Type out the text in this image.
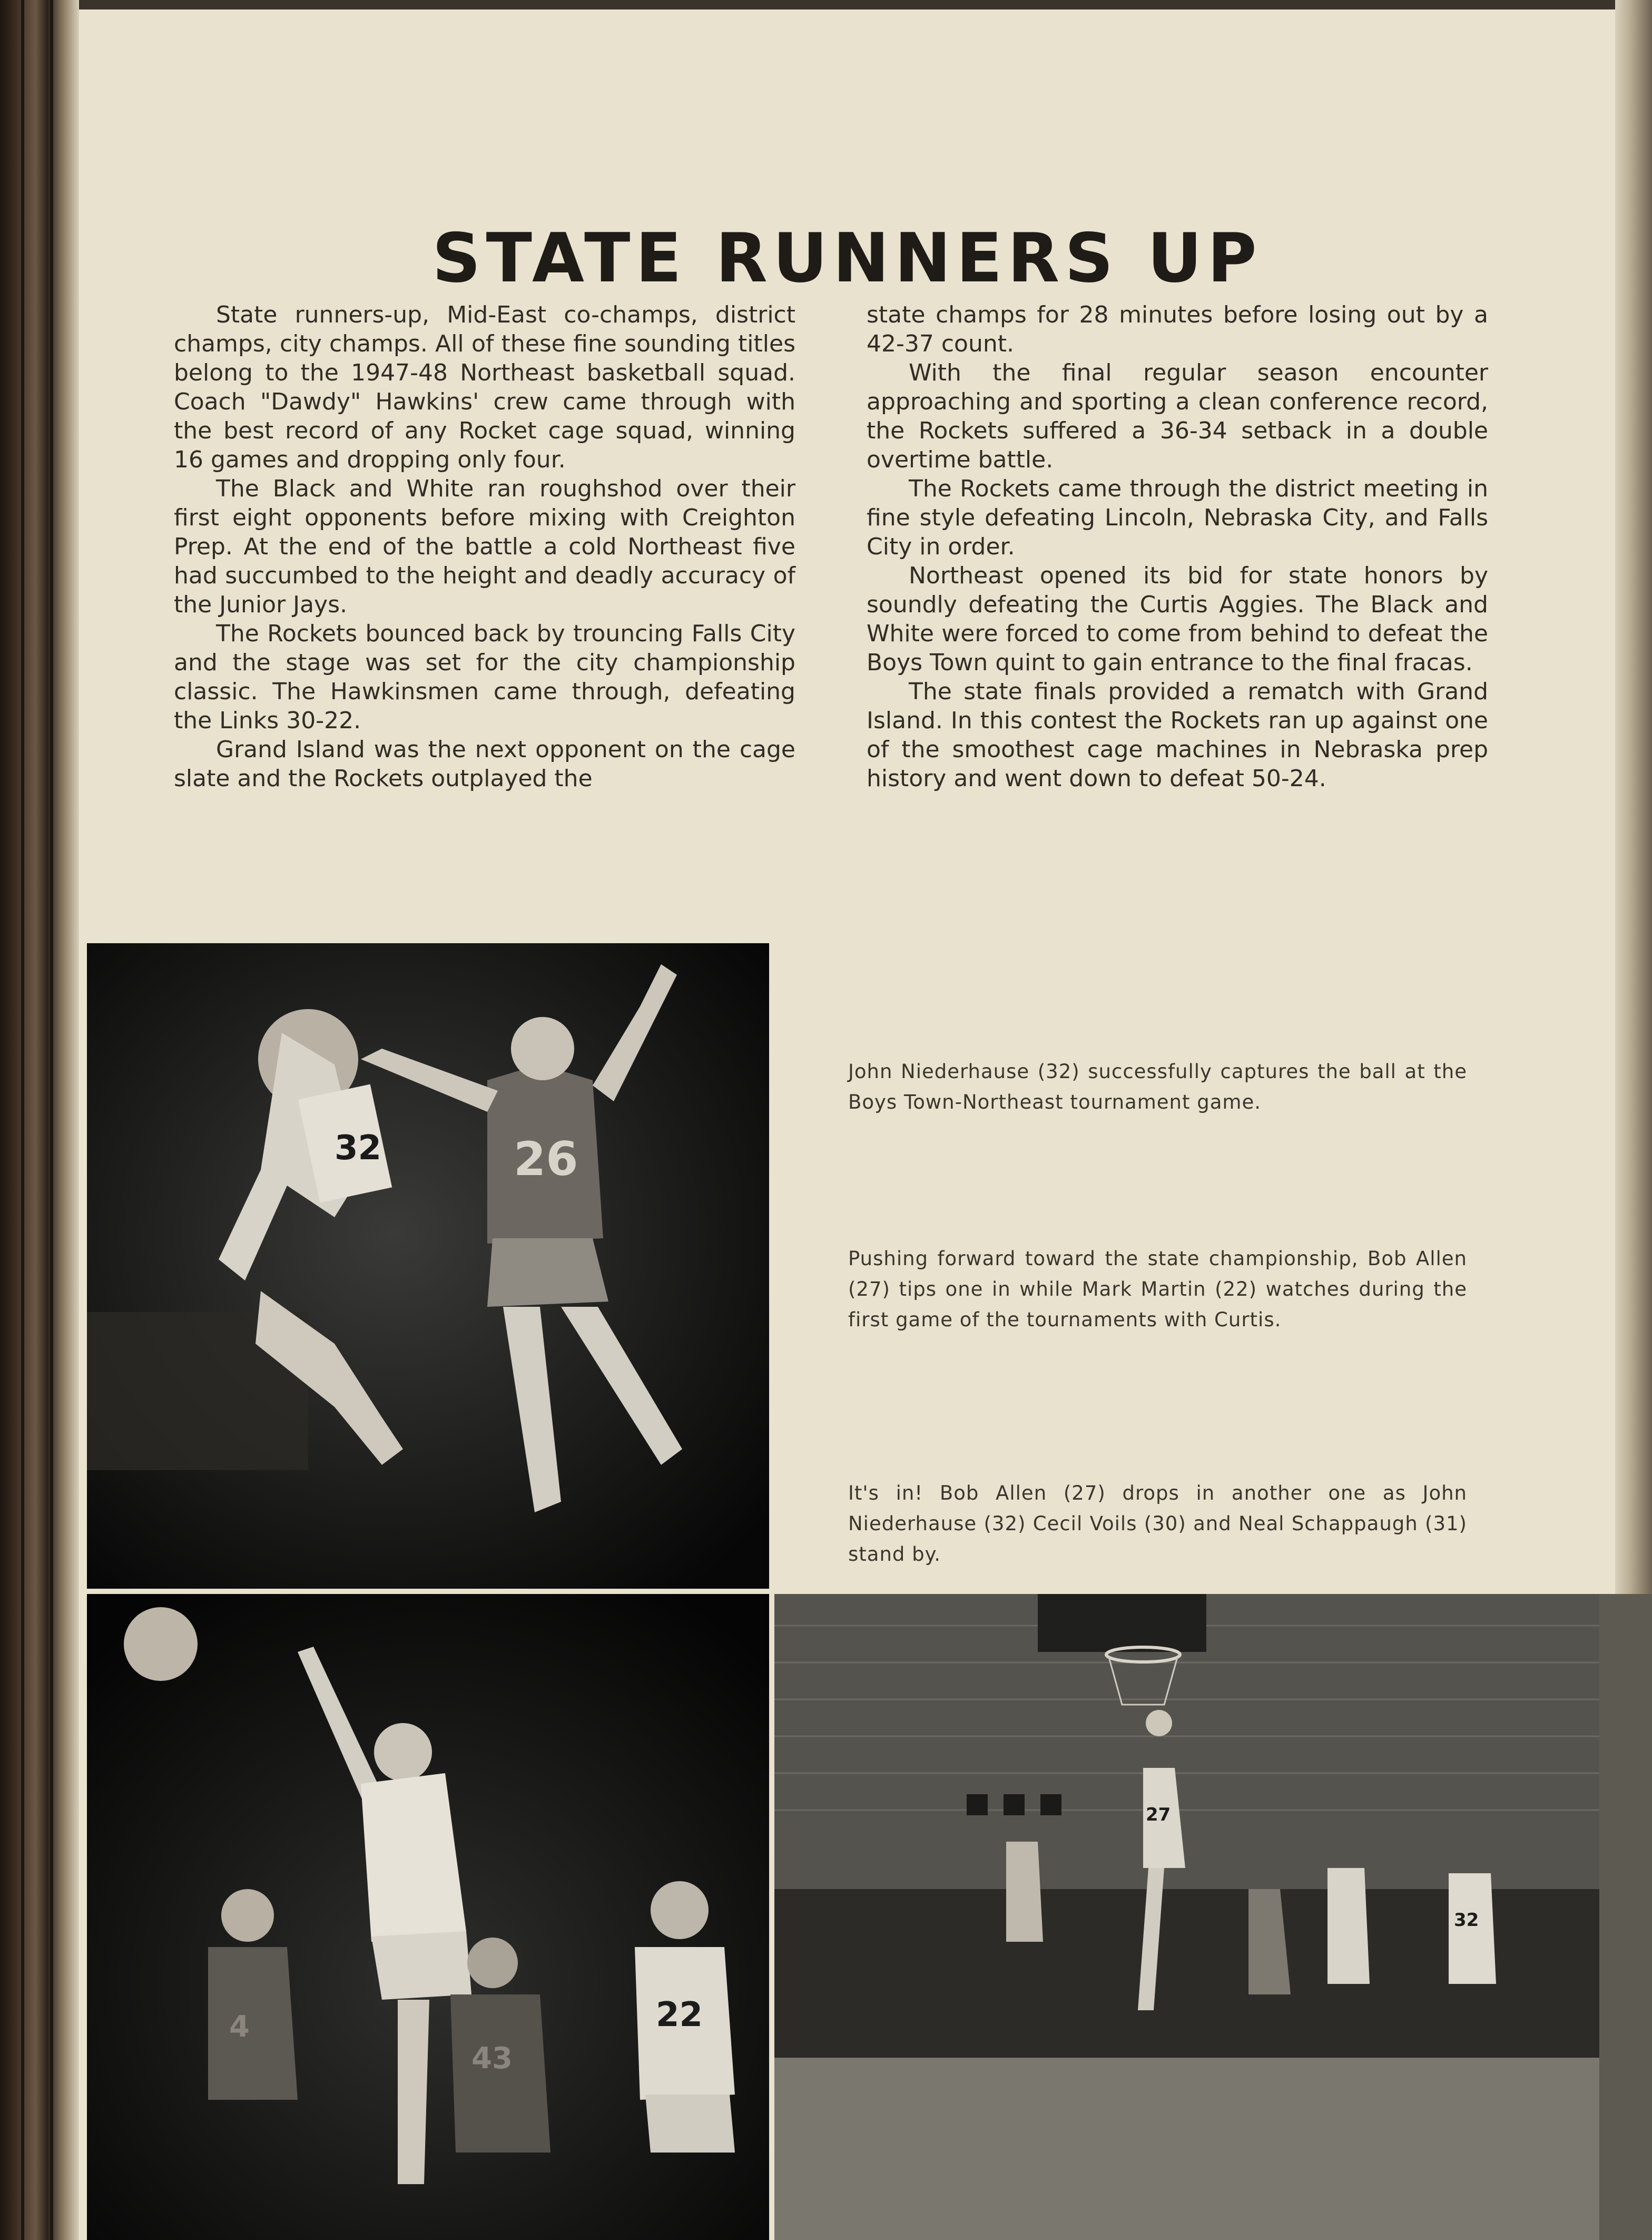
STATE RUNNERS UP

State runners-up, Mid-East co-champs, district champs, city champs. All of these fine sounding titles belong to the 1947-48 Northeast basketball squad. Coach "Dawdy" Hawkins' crew came through with the best record of any Rocket cage squad, winning 16 games and dropping only four.

The Black and White ran roughshod over their first eight opponents before mixing with Creighton Prep. At the end of the battle a cold Northeast five had succumbed to the height and deadly accuracy of the Junior Jays.

The Rockets bounced back by trouncing Falls City and the stage was set for the city championship classic. The Hawkinsmen came through, defeating the Links 30-22.

Grand Island was the next opponent on the cage slate and the Rockets outplayed the

state champs for 28 minutes before losing out by a 42-37 count.

With the final regular season encounter approaching and sporting a clean conference record, the Rockets suffered a 36-34 setback in a double overtime battle.

The Rockets came through the district meeting in fine style defeating Lincoln, Nebraska City, and Falls City in order.

Northeast opened its bid for state honors by soundly defeating the Curtis Aggies. The Black and White were forced to come from behind to defeat the Boys Town quint to gain entrance to the final fracas.

The state finals provided a rematch with Grand Island. In this contest the Rockets ran up against one of the smoothest cage machines in Nebraska prep history and went down to defeat 50-24.

32	26
4
43
22
27
32
John Niederhause (32) successfully captures the ball at the Boys Town-Northeast tournament game.
Pushing forward toward the state championship, Bob Allen (27) tips one in while Mark Martin (22) watches during the first game of the tournaments with Curtis.
It's in! Bob Allen (27) drops in another one as John Niederhause (32) Cecil Voils (30) and Neal Schappaugh (31) stand by.
